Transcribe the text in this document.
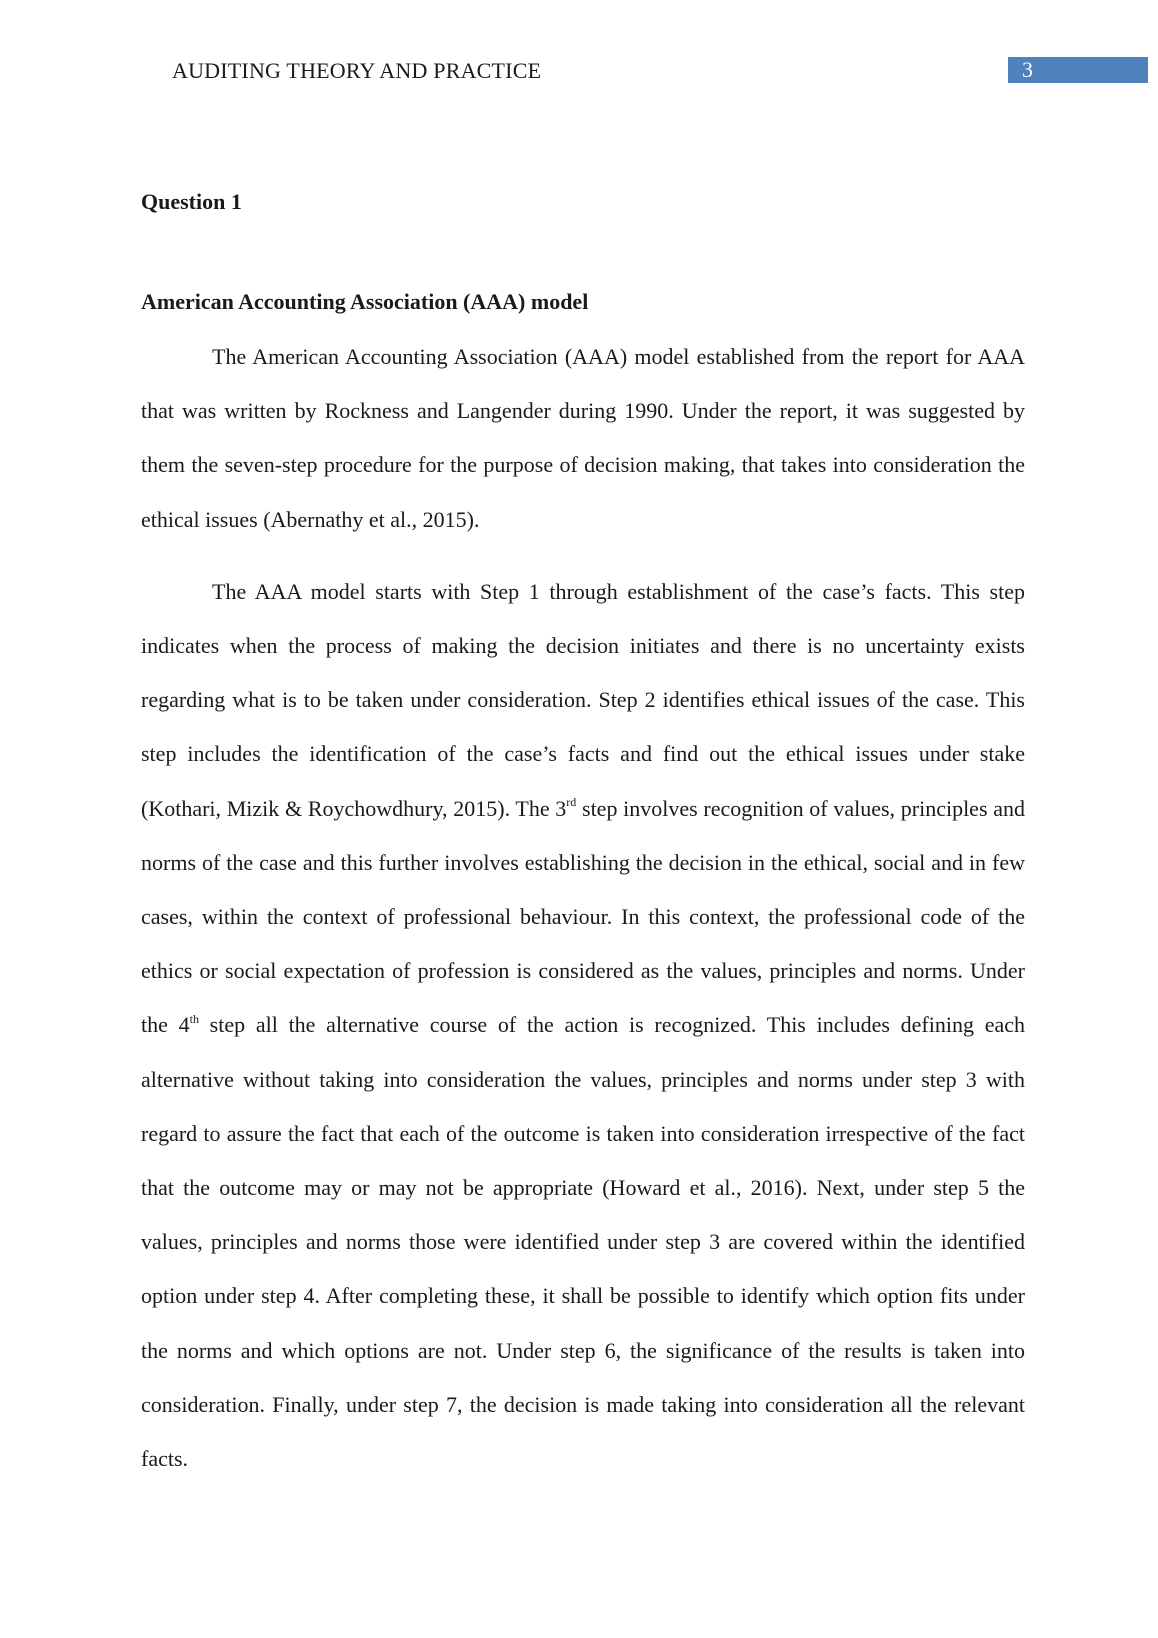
AUDITING THEORY AND PRACTICE	3

Question 1

American Accounting Association (AAA) model

The American Accounting Association (AAA) model established from the report for AAA that was written by Rockness and Langender during 1990. Under the report, it was suggested by them the seven-step procedure for the purpose of decision making, that takes into consideration the ethical issues (Abernathy et al., 2015).

The AAA model starts with Step 1 through establishment of the case’s facts. This step indicates when the process of making the decision initiates and there is no uncertainty exists regarding what is to be taken under consideration. Step 2 identifies ethical issues of the case. This step includes the identification of the case’s facts and find out the ethical issues under stake (Kothari, Mizik & Roychowdhury, 2015). The 3rd step involves recognition of values, principles and norms of the case and this further involves establishing the decision in the ethical, social and in few cases, within the context of professional behaviour. In this context, the professional code of the ethics or social expectation of profession is considered as the values, principles and norms. Under the 4th step all the alternative course of the action is recognized. This includes defining each alternative without taking into consideration the values, principles and norms under step 3 with regard to assure the fact that each of the outcome is taken into consideration irrespective of the fact that the outcome may or may not be appropriate (Howard et al., 2016). Next, under step 5 the values, principles and norms those were identified under step 3 are covered within the identified option under step 4. After completing these, it shall be possible to identify which option fits under the norms and which options are not. Under step 6, the significance of the results is taken into consideration. Finally, under step 7, the decision is made taking into consideration all the relevant facts.
